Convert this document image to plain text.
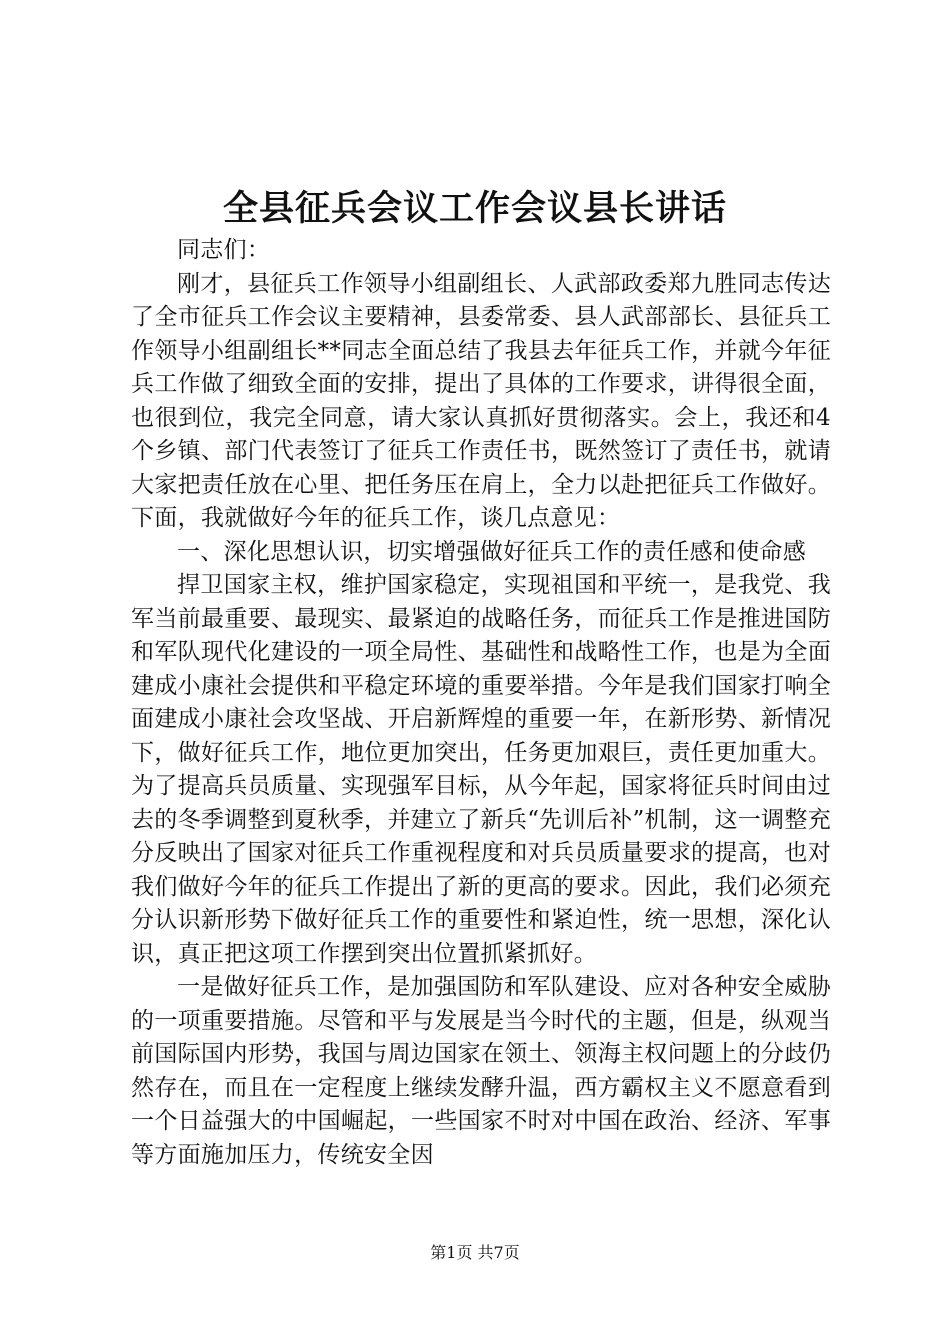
全县征兵会议工作会议县长讲话

同志们：

刚才，县征兵工作领导小组副组长、人武部政委郑九胜同志传达了全市征兵工作会议主要精神，县委常委、县人武部部长、县征兵工作领导小组副组长**同志全面总结了我县去年征兵工作，并就今年征兵工作做了细致全面的安排，提出了具体的工作要求，讲得很全面，也很到位，我完全同意，请大家认真抓好贯彻落实。会上，我还和4个乡镇、部门代表签订了征兵工作责任书，既然签订了责任书，就请大家把责任放在心里、把任务压在肩上，全力以赴把征兵工作做好。下面，我就做好今年的征兵工作，谈几点意见：

一、深化思想认识，切实增强做好征兵工作的责任感和使命感

捍卫国家主权，维护国家稳定，实现祖国和平统一，是我党、我军当前最重要、最现实、最紧迫的战略任务，而征兵工作是推进国防和军队现代化建设的一项全局性、基础性和战略性工作，也是为全面建成小康社会提供和平稳定环境的重要举措。今年是我们国家打响全面建成小康社会攻坚战、开启新辉煌的重要一年，在新形势、新情况下，做好征兵工作，地位更加突出，任务更加艰巨，责任更加重大。为了提高兵员质量、实现强军目标，从今年起，国家将征兵时间由过去的冬季调整到夏秋季，并建立了新兵“先训后补”机制，这一调整充分反映出了国家对征兵工作重视程度和对兵员质量要求的提高，也对我们做好今年的征兵工作提出了新的更高的要求。因此，我们必须充分认识新形势下做好征兵工作的重要性和紧迫性，统一思想，深化认识，真正把这项工作摆到突出位置抓紧抓好。

一是做好征兵工作，是加强国防和军队建设、应对各种安全威胁的一项重要措施。尽管和平与发展是当今时代的主题，但是，纵观当前国际国内形势，我国与周边国家在领土、领海主权问题上的分歧仍然存在，而且在一定程度上继续发酵升温，西方霸权主义不愿意看到一个日益强大的中国崛起，一些国家不时对中国在政治、经济、军事等方面施加压力，传统安全因

第1页 共7页
